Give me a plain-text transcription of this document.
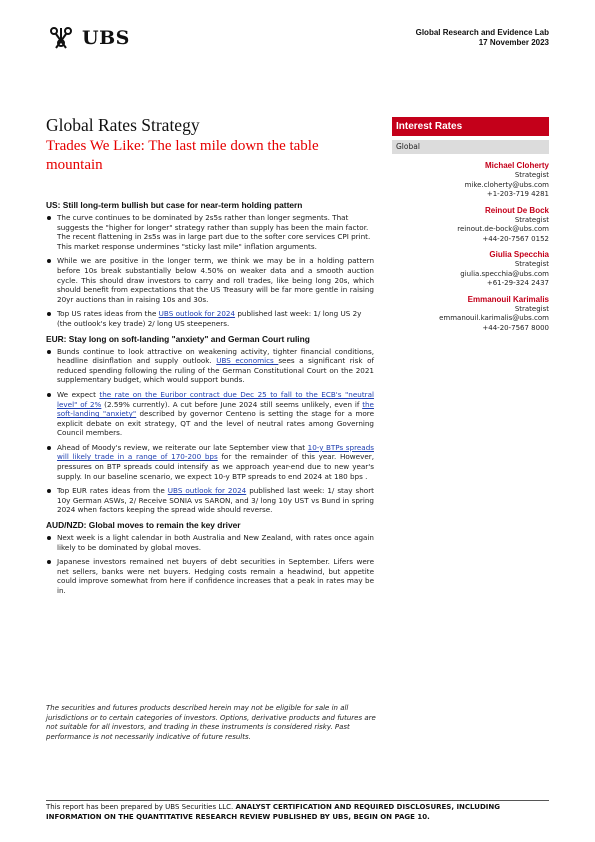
UBS	Global Research and Evidence Lab
17 November 2023
Global Rates Strategy
Trades We Like: The last mile down the table mountain
Interest Rates
Global
Michael Cloherty
Strategist
mike.cloherty@ubs.com
+1-203-719 4281
Reinout De Bock
Strategist
reinout.de-bock@ubs.com
+44-20-7567 0152
Giulia Specchia
Strategist
giulia.specchia@ubs.com
+61-29-324 2437
Emmanouil Karimalis
Strategist
emmanouil.karimalis@ubs.com
+44-20-7567 8000
US: Still long-term bullish but case for near-term holding pattern
The curve continues to be dominated by 2s5s rather than longer segments. That suggests the "higher for longer" strategy rather than supply has been the main factor. The recent flattening in 2s5s was in large part due to the softer core services CPI print. This market response undermines "sticky last mile" inflation arguments.
While we are positive in the longer term, we think we may be in a holding pattern before 10s break substantially below 4.50% on weaker data and a smooth auction cycle. This should draw investors to carry and roll trades, like being long 20s, which should benefit from expectations that the US Treasury will be far more gentle in raising 20yr auctions than in raising 10s and 30s.
Top US rates ideas from the UBS outlook for 2024 published last week: 1/ long US 2y (the outlook's key trade) 2/ long US steepeners.
EUR: Stay long on soft-landing "anxiety" and German Court ruling
Bunds continue to look attractive on weakening activity, tighter financial conditions, headline disinflation and supply outlook. UBS economics sees a significant risk of reduced spending following the ruling of the German Constitutional Court on the 2021 supplementary budget, which would support bunds.
We expect the rate on the Euribor contract due Dec 25 to fall to the ECB's "neutral level" of 2% (2.59% currently). A cut before June 2024 still seems unlikely, even if the soft-landing "anxiety" described by governor Centeno is setting the stage for a more explicit debate on exit strategy, QT and the level of neutral rates among Governing Council members.
Ahead of Moody's review, we reiterate our late September view that 10-y BTPs spreads will likely trade in a range of 170-200 bps for the remainder of this year. However, pressures on BTP spreads could intensify as we approach year-end due to new year's supply. In our baseline scenario, we expect 10-y BTP spreads to end 2024 at 180 bps .
Top EUR rates ideas from the UBS outlook for 2024 published last week: 1/ stay short 10y German ASWs, 2/ Receive SONIA vs SARON, and 3/ long 10y UST vs Bund in spring 2024 when factors keeping the spread wide should reverse.
AUD/NZD: Global moves to remain the key driver
Next week is a light calendar in both Australia and New Zealand, with rates once again likely to be dominated by global moves.
Japanese investors remained net buyers of debt securities in September. Lifers were net sellers, banks were net buyers. Hedging costs remain a headwind, but appetite could improve somewhat from here if confidence increases that a peak in rates may be in.
The securities and futures products described herein may not be eligible for sale in all jurisdictions or to certain categories of investors. Options, derivative products and futures are not suitable for all investors, and trading in these instruments is considered risky. Past performance is not necessarily indicative of future results.
This report has been prepared by UBS Securities LLC. ANALYST CERTIFICATION AND REQUIRED DISCLOSURES, INCLUDING INFORMATION ON THE QUANTITATIVE RESEARCH REVIEW PUBLISHED BY UBS, BEGIN ON PAGE 10.
